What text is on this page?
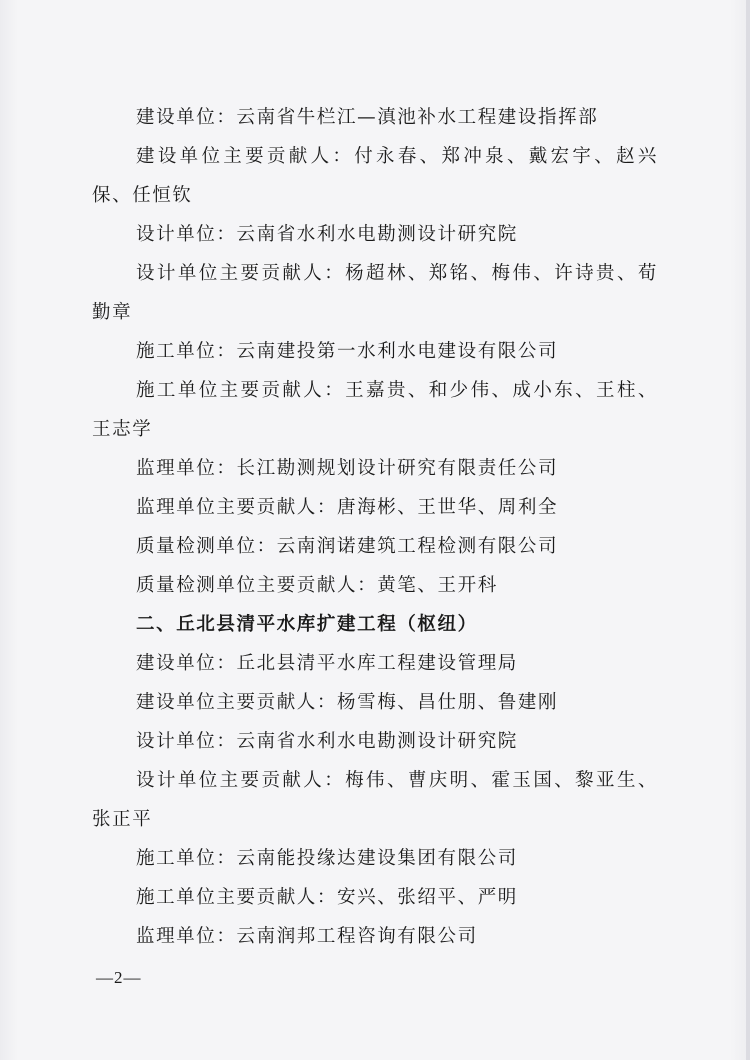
建设单位：云南省牛栏江—滇池补水工程建设指挥部

建设单位主要贡献人：付永春、郑冲泉、戴宏宇、赵兴保、任恒钦

设计单位：云南省水利水电勘测设计研究院

设计单位主要贡献人：杨超林、郑铭、梅伟、许诗贵、荀勤章

施工单位：云南建投第一水利水电建设有限公司

施工单位主要贡献人：王嘉贵、和少伟、成小东、王柱、王志学

监理单位：长江勘测规划设计研究有限责任公司

监理单位主要贡献人：唐海彬、王世华、周利全

质量检测单位：云南润诺建筑工程检测有限公司

质量检测单位主要贡献人：黄笔、王开科

二、丘北县清平水库扩建工程（枢纽）

建设单位：丘北县清平水库工程建设管理局

建设单位主要贡献人：杨雪梅、昌仕朋、鲁建刚

设计单位：云南省水利水电勘测设计研究院

设计单位主要贡献人：梅伟、曹庆明、霍玉国、黎亚生、张正平

施工单位：云南能投缘达建设集团有限公司

施工单位主要贡献人：安兴、张绍平、严明

监理单位：云南润邦工程咨询有限公司

—2—
